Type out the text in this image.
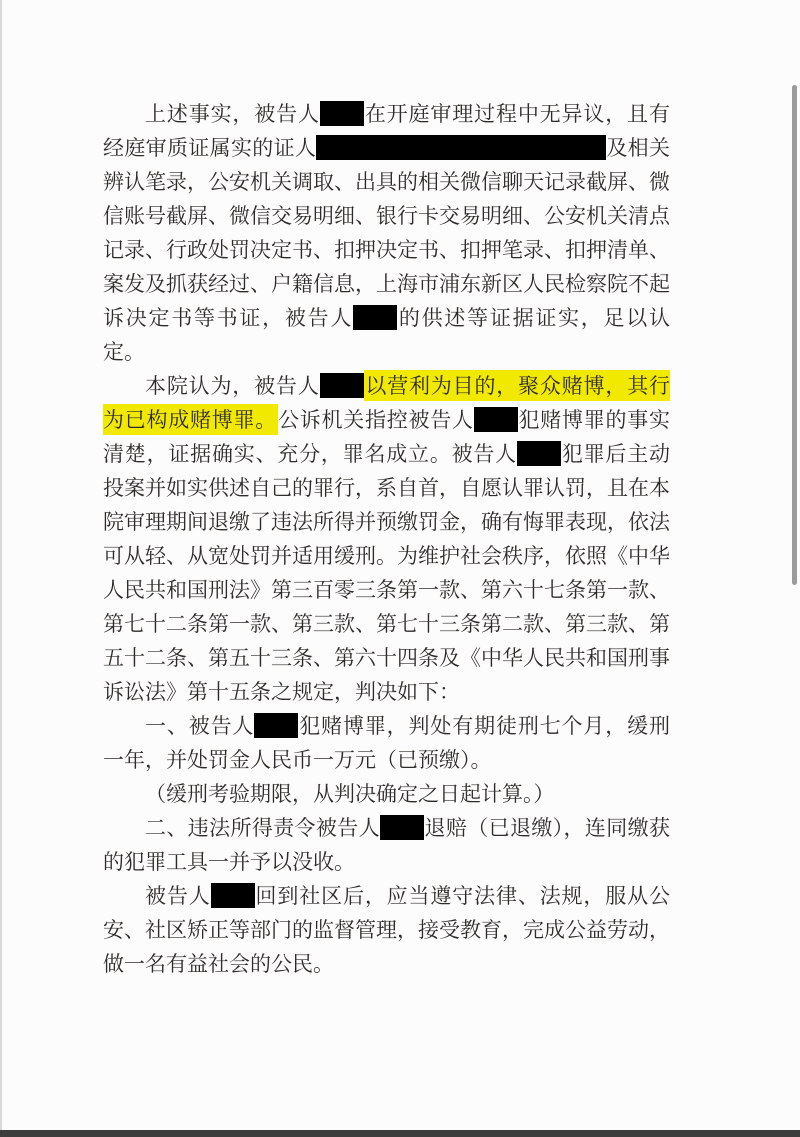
上述事实，被告人 在开庭审理过程中无异议，且有经庭审质证属实的证人	及相关辨认笔录，公安机关调取、出具的相关微信聊天记录截屏、微信账号截屏、微信交易明细、银行卡交易明细、公安机关清点记录、行政处罚决定书、扣押决定书、扣押笔录、扣押清单、案发及抓获经过、户籍信息，上海市浦东新区人民检察院不起诉决定书等书证，被告人 的供述等证据证实，足以认定。

本院认为，被告人 以营利为目的，聚众赌博，其行为已构成赌博罪。公诉机关指控被告人 犯赌博罪的事实清楚，证据确实、充分，罪名成立。被告人 犯罪后主动投案并如实供述自己的罪行，系自首，自愿认罪认罚，且在本院审理期间退缴了违法所得并预缴罚金，确有悔罪表现，依法可从轻、从宽处罚并适用缓刑。为维护社会秩序，依照《中华人民共和国刑法》第三百零三条第一款、第六十七条第一款、第七十二条第一款、第三款、第七十三条第二款、第三款、第五十二条、第五十三条、第六十四条及《中华人民共和国刑事诉讼法》第十五条之规定，判决如下：

一、被告人 犯赌博罪，判处有期徒刑七个月，缓刑一年，并处罚金人民币一万元（已预缴）。

（缓刑考验期限，从判决确定之日起计算。）

二、违法所得责令被告人 退赔（已退缴），连同缴获的犯罪工具一并予以没收。

被告人 回到社区后，应当遵守法律、法规，服从公安、社区矫正等部门的监督管理，接受教育，完成公益劳动，做一名有益社会的公民。
